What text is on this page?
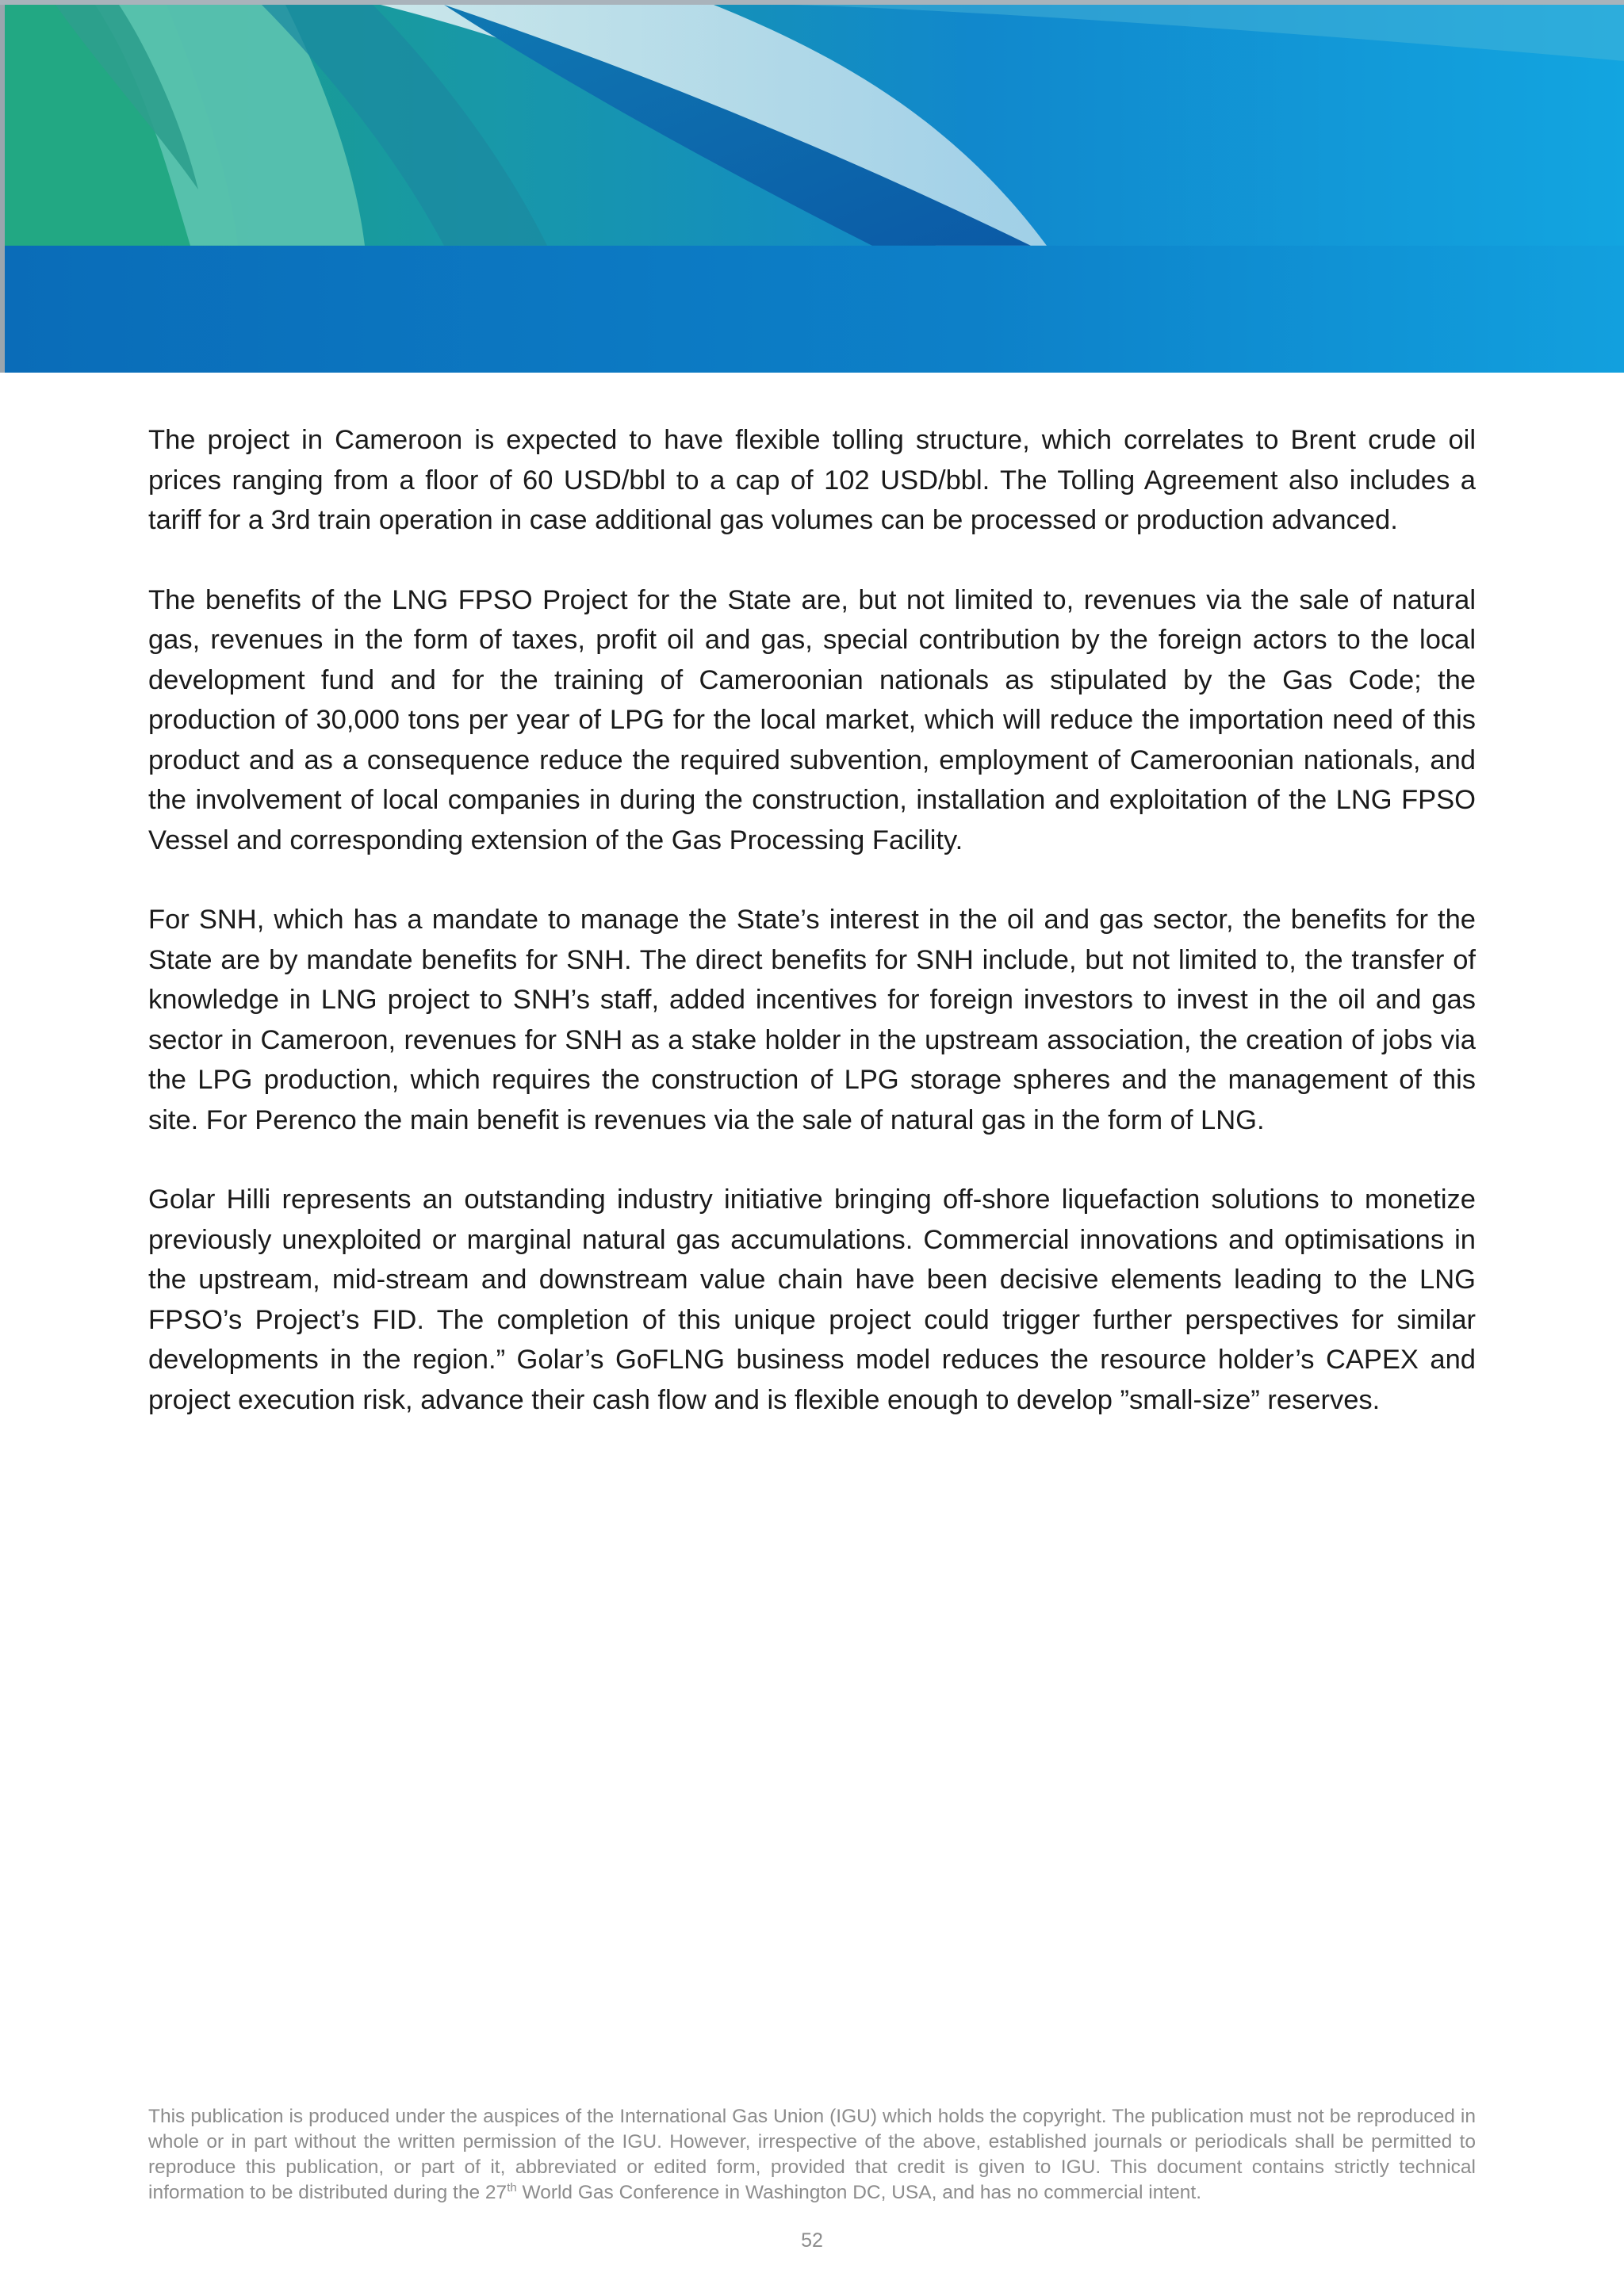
The project in Cameroon is expected to have flexible tolling structure, which correlates to Brent crude oil prices ranging from a floor of 60 USD/bbl to a cap of 102 USD/bbl. The Tolling Agreement also includes a tariff for a 3rd train operation in case additional gas volumes can be processed or production advanced.

The benefits of the LNG FPSO Project for the State are, but not limited to, revenues via the sale of natural gas, revenues in the form of taxes, profit oil and gas, special contribution by the foreign actors to the local development fund and for the training of Cameroonian nationals as stipulated by the Gas Code; the production of 30,000 tons per year of LPG for the local market, which will reduce the importation need of this product and as a consequence reduce the required subvention, employment of Cameroonian nationals, and the involvement of local companies in during the construction, installation and exploitation of the LNG FPSO Vessel and corresponding extension of the Gas Processing Facility.

For SNH, which has a mandate to manage the State’s interest in the oil and gas sector, the benefits for the State are by mandate benefits for SNH. The direct benefits for SNH include, but not limited to, the transfer of knowledge in LNG project to SNH’s staff, added incentives for foreign investors to invest in the oil and gas sector in Cameroon, revenues for SNH as a stake holder in the upstream association, the creation of jobs via the LPG production, which requires the construction of LPG storage spheres and the management of this site. For Perenco the main benefit is revenues via the sale of natural gas in the form of LNG.

Golar Hilli represents an outstanding industry initiative bringing off-shore liquefaction solutions to monetize previously unexploited or marginal natural gas accumulations. Commercial innovations and optimisations in the upstream, mid-stream and downstream value chain have been decisive elements leading to the LNG FPSO’s Project’s FID. The completion of this unique project could trigger further perspectives for similar developments in the region.” Golar’s GoFLNG business model reduces the resource holder’s CAPEX and project execution risk, advance their cash flow and is flexible enough to develop ”small-size” reserves.

This publication is produced under the auspices of the International Gas Union (IGU) which holds the copyright. The publication must not be reproduced in whole or in part without the written permission of the IGU. However, irrespective of the above, established journals or periodicals shall be permitted to reproduce this publication, or part of it, abbreviated or edited form, provided that credit is given to IGU. This document contains strictly technical information to be distributed during the 27th World Gas Conference in Washington DC, USA, and has no commercial intent.
52
